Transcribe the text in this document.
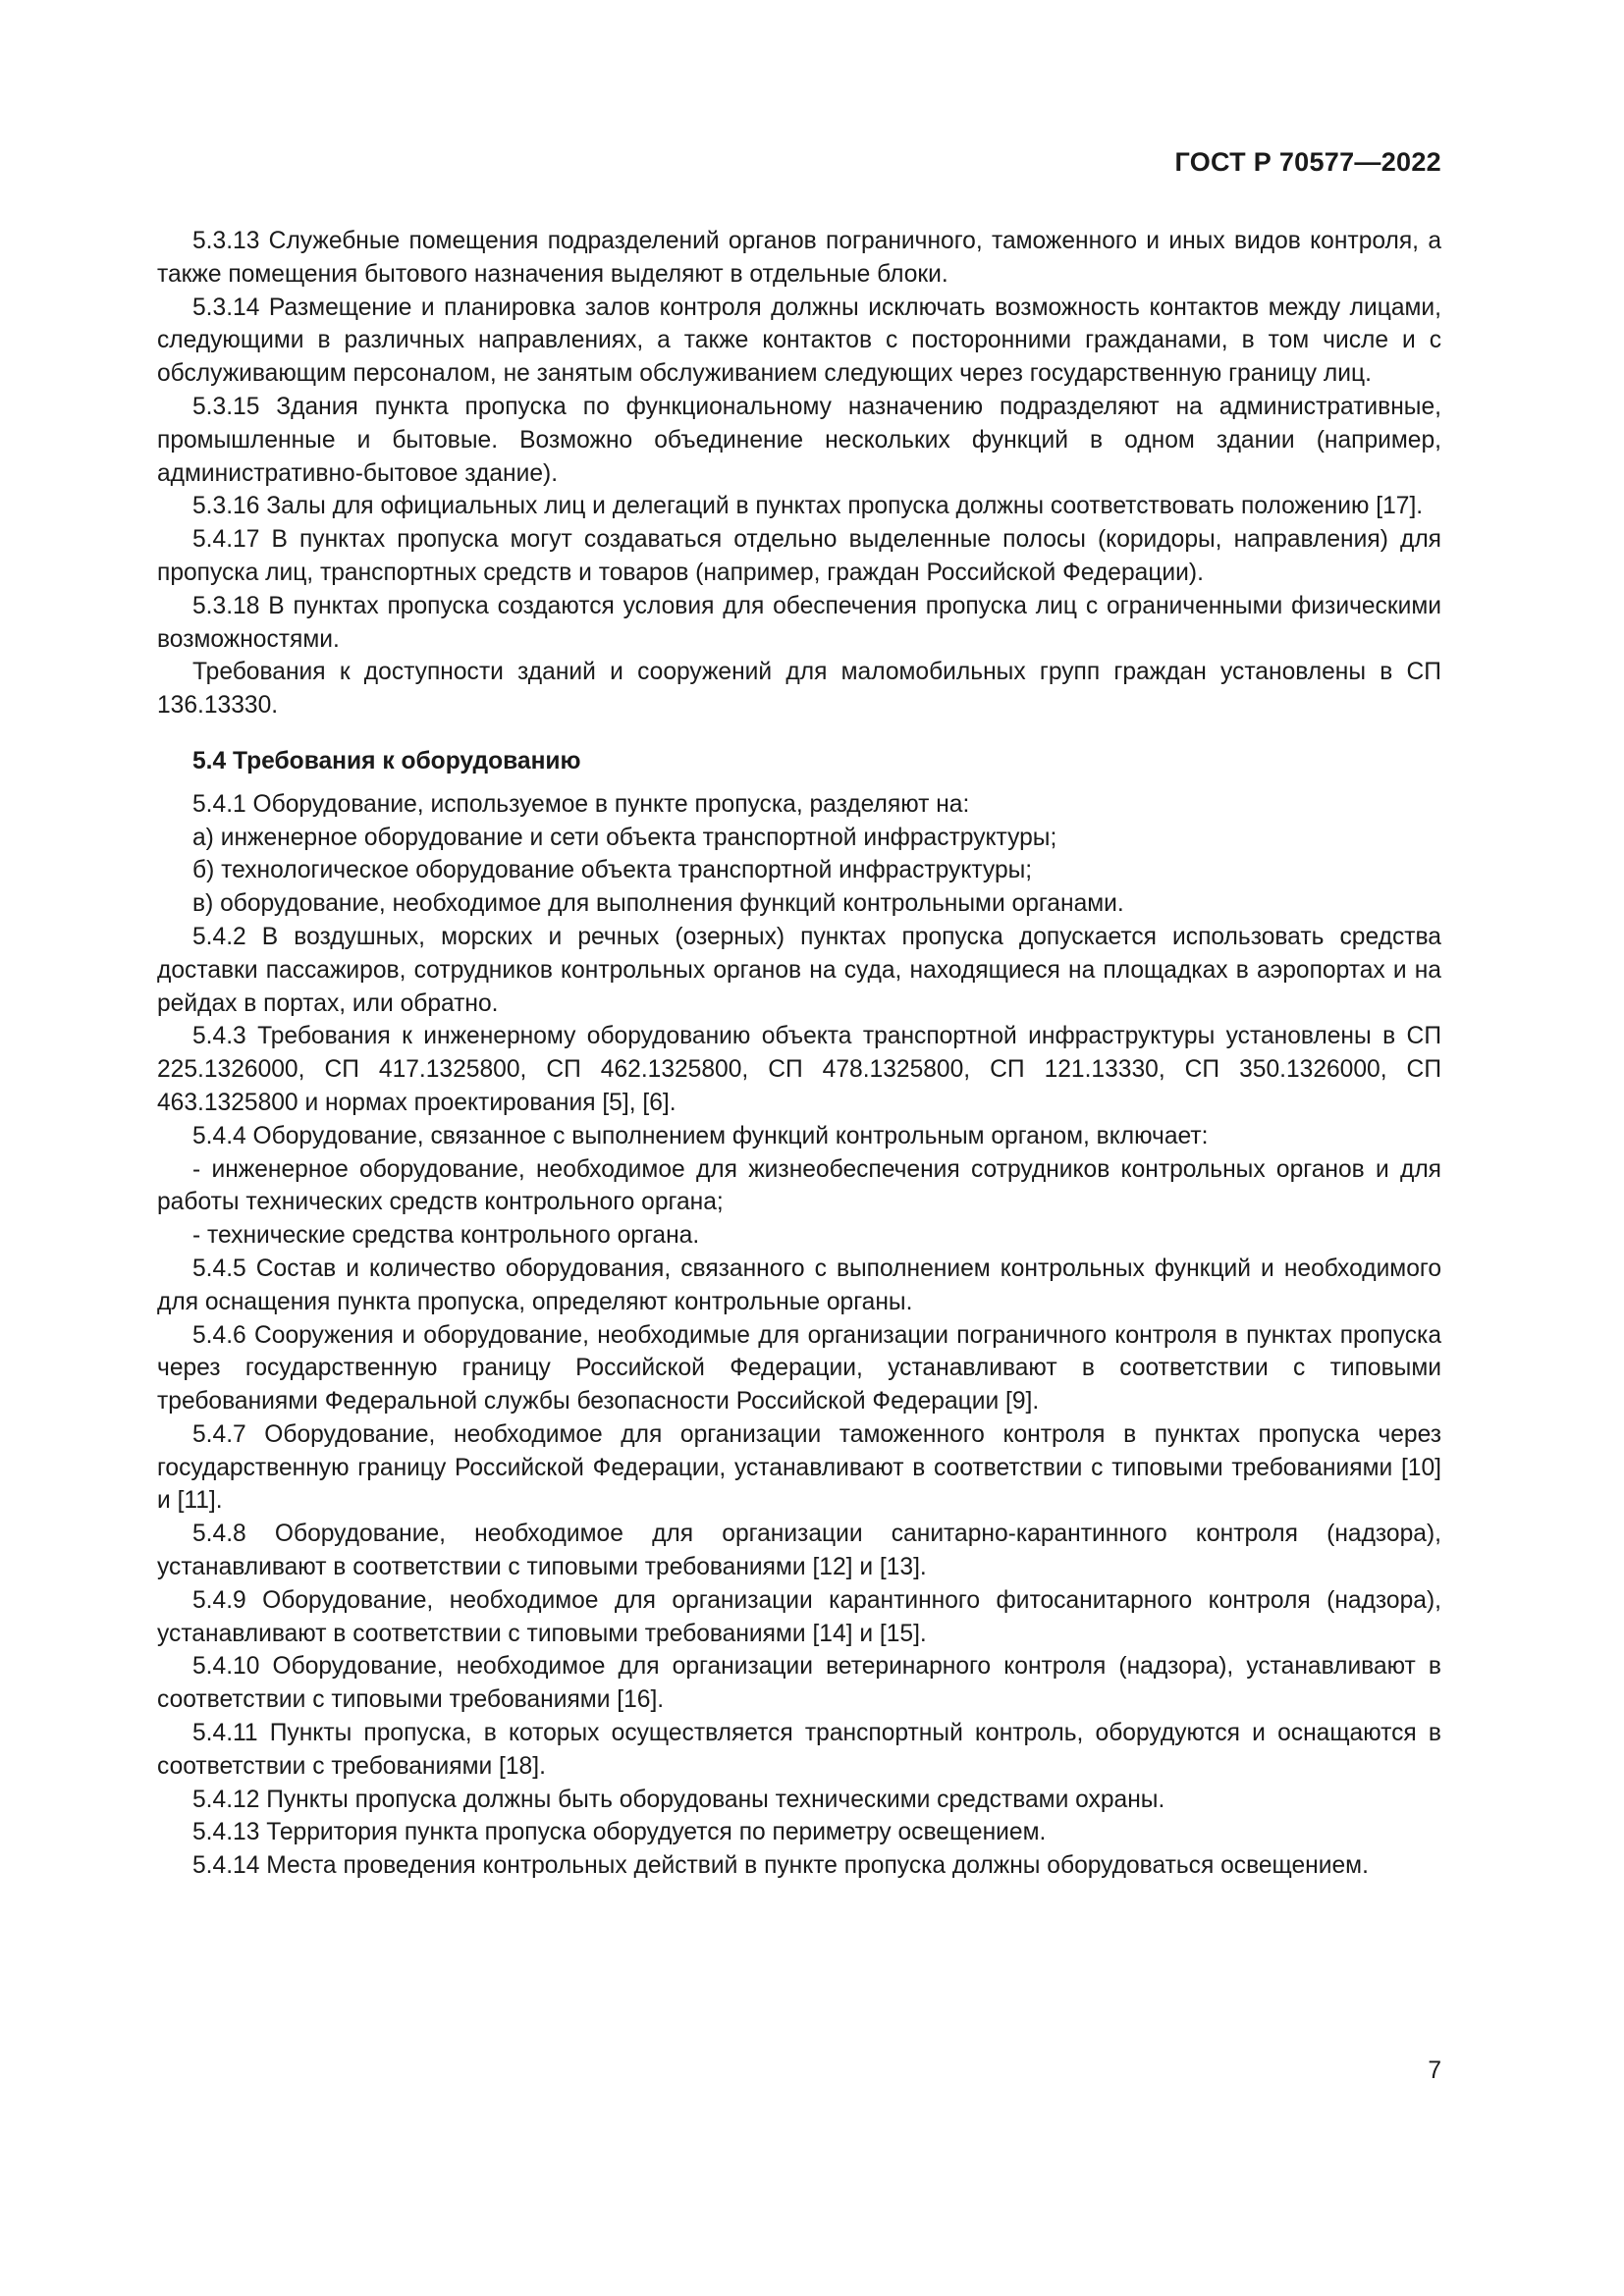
ГОСТ Р 70577—2022

5.3.13 Служебные помещения подразделений органов пограничного, таможенного и иных видов контроля, а также помещения бытового назначения выделяют в отдельные блоки.

5.3.14 Размещение и планировка залов контроля должны исключать возможность контактов между лицами, следующими в различных направлениях, а также контактов с посторонними гражданами, в том числе и с обслуживающим персоналом, не занятым обслуживанием следующих через государственную границу лиц.

5.3.15 Здания пункта пропуска по функциональному назначению подразделяют на административные, промышленные и бытовые. Возможно объединение нескольких функций в одном здании (например, административно-бытовое здание).

5.3.16 Залы для официальных лиц и делегаций в пунктах пропуска должны соответствовать положению [17].

5.4.17 В пунктах пропуска могут создаваться отдельно выделенные полосы (коридоры, направления) для пропуска лиц, транспортных средств и товаров (например, граждан Российской Федерации).

5.3.18 В пунктах пропуска создаются условия для обеспечения пропуска лиц с ограниченными физическими возможностями.

Требования к доступности зданий и сооружений для маломобильных групп граждан установлены в СП 136.13330.

5.4 Требования к оборудованию

5.4.1 Оборудование, используемое в пункте пропуска, разделяют на:

а) инженерное оборудование и сети объекта транспортной инфраструктуры;

б) технологическое оборудование объекта транспортной инфраструктуры;

в) оборудование, необходимое для выполнения функций контрольными органами.

5.4.2 В воздушных, морских и речных (озерных) пунктах пропуска допускается использовать средства доставки пассажиров, сотрудников контрольных органов на суда, находящиеся на площадках в аэропортах и на рейдах в портах, или обратно.

5.4.3 Требования к инженерному оборудованию объекта транспортной инфраструктуры установлены в СП 225.1326000, СП 417.1325800, СП 462.1325800, СП 478.1325800, СП 121.13330, СП 350.1326000, СП 463.1325800 и нормах проектирования [5], [6].

5.4.4 Оборудование, связанное с выполнением функций контрольным органом, включает:

- инженерное оборудование, необходимое для жизнеобеспечения сотрудников контрольных органов и для работы технических средств контрольного органа;

- технические средства контрольного органа.

5.4.5 Состав и количество оборудования, связанного с выполнением контрольных функций и необходимого для оснащения пункта пропуска, определяют контрольные органы.

5.4.6 Сооружения и оборудование, необходимые для организации пограничного контроля в пунктах пропуска через государственную границу Российской Федерации, устанавливают в соответствии с типовыми требованиями Федеральной службы безопасности Российской Федерации [9].

5.4.7 Оборудование, необходимое для организации таможенного контроля в пунктах пропуска через государственную границу Российской Федерации, устанавливают в соответствии с типовыми требованиями [10] и [11].

5.4.8 Оборудование, необходимое для организации санитарно-карантинного контроля (надзора), устанавливают в соответствии с типовыми требованиями [12] и [13].

5.4.9 Оборудование, необходимое для организации карантинного фитосанитарного контроля (надзора), устанавливают в соответствии с типовыми требованиями [14] и [15].

5.4.10 Оборудование, необходимое для организации ветеринарного контроля (надзора), устанавливают в соответствии с типовыми требованиями [16].

5.4.11 Пункты пропуска, в которых осуществляется транспортный контроль, оборудуются и оснащаются в соответствии с требованиями [18].

5.4.12 Пункты пропуска должны быть оборудованы техническими средствами охраны.

5.4.13 Территория пункта пропуска оборудуется по периметру освещением.

5.4.14 Места проведения контрольных действий в пункте пропуска должны оборудоваться освещением.

7
